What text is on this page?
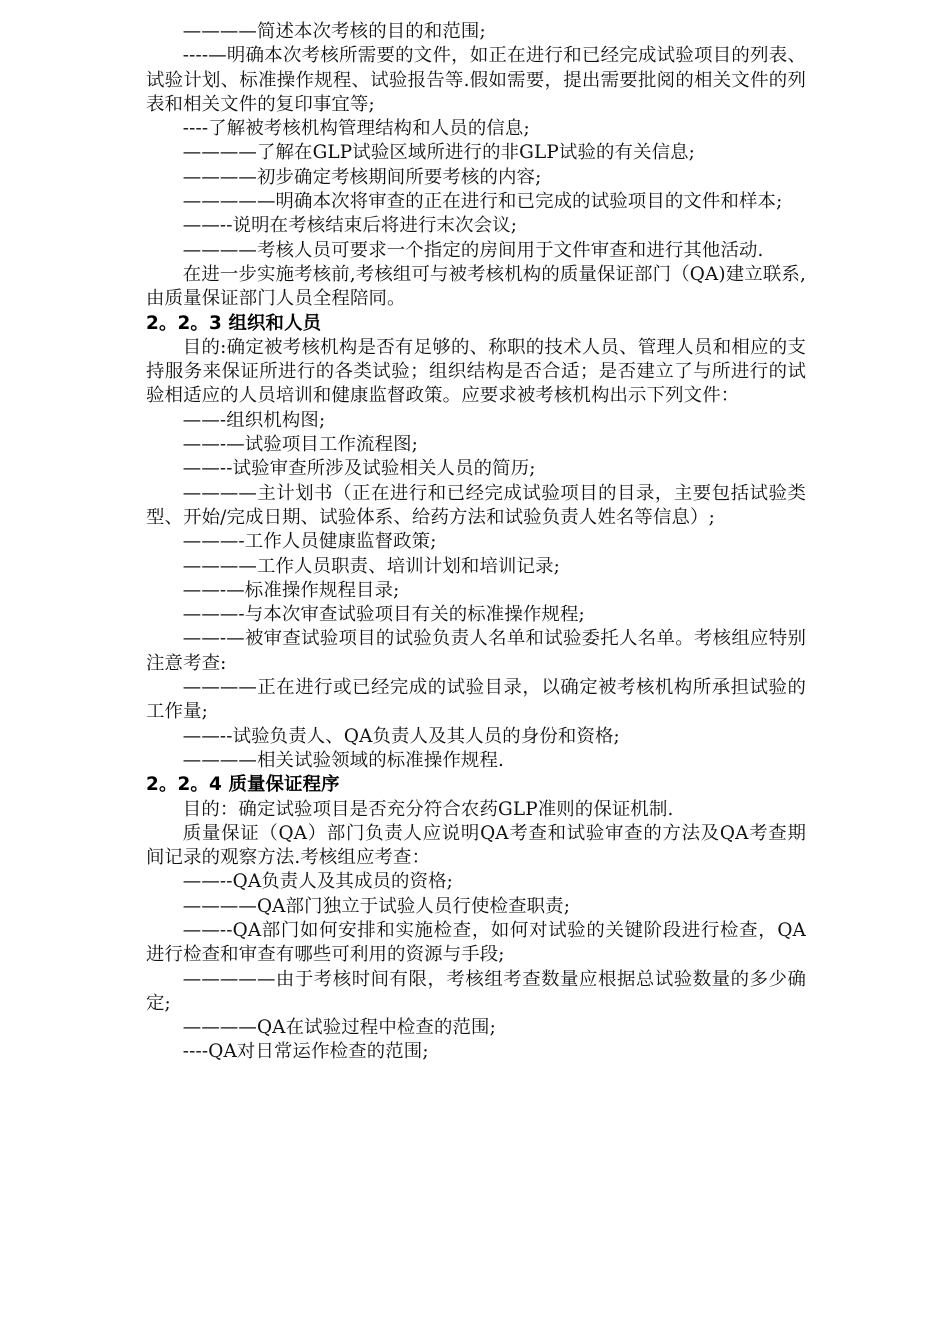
————简述本次考核的目的和范围;

----—明确本次考核所需要的文件，如正在进行和已经完成试验项目的列表、试验计划、标准操作规程、试验报告等.假如需要，提出需要批阅的相关文件的列表和相关文件的复印事宜等;

----了解被考核机构管理结构和人员的信息;

————了解在GLP试验区域所进行的非GLP试验的有关信息;

————初步确定考核期间所要考核的内容;

—————明确本次将审查的正在进行和已完成的试验项目的文件和样本;

——--说明在考核结束后将进行末次会议;

————考核人员可要求一个指定的房间用于文件审查和进行其他活动.

在进一步实施考核前,考核组可与被考核机构的质量保证部门（QA)建立联系,由质量保证部门人员全程陪同。

2。2。3 组织和人员

目的:确定被考核机构是否有足够的、称职的技术人员、管理人员和相应的支持服务来保证所进行的各类试验；组织结构是否合适；是否建立了与所进行的试验相适应的人员培训和健康监督政策。应要求被考核机构出示下列文件：

——-组织机构图;

——-—试验项目工作流程图;

——--试验审查所涉及试验相关人员的简历;

————主计划书（正在进行和已经完成试验项目的目录，主要包括试验类型、开始/完成日期、试验体系、给药方法和试验负责人姓名等信息）;

———-工作人员健康监督政策;

————工作人员职责、培训计划和培训记录;

——-—标准操作规程目录;

———-与本次审查试验项目有关的标准操作规程;

——-—被审查试验项目的试验负责人名单和试验委托人名单。考核组应特别注意考查:

————正在进行或已经完成的试验目录，以确定被考核机构所承担试验的工作量;

——--试验负责人、QA负责人及其人员的身份和资格;

————相关试验领域的标准操作规程.

2。2。4 质量保证程序

目的：确定试验项目是否充分符合农药GLP准则的保证机制.

质量保证（QA）部门负责人应说明QA考查和试验审查的方法及QA考查期间记录的观察方法.考核组应考查：

——--QA负责人及其成员的资格;

————QA部门独立于试验人员行使检查职责;

——--QA部门如何安排和实施检查，如何对试验的关键阶段进行检查，QA进行检查和审查有哪些可利用的资源与手段;

—————由于考核时间有限，考核组考查数量应根据总试验数量的多少确定;

————QA在试验过程中检查的范围;

----QA对日常运作检查的范围;
